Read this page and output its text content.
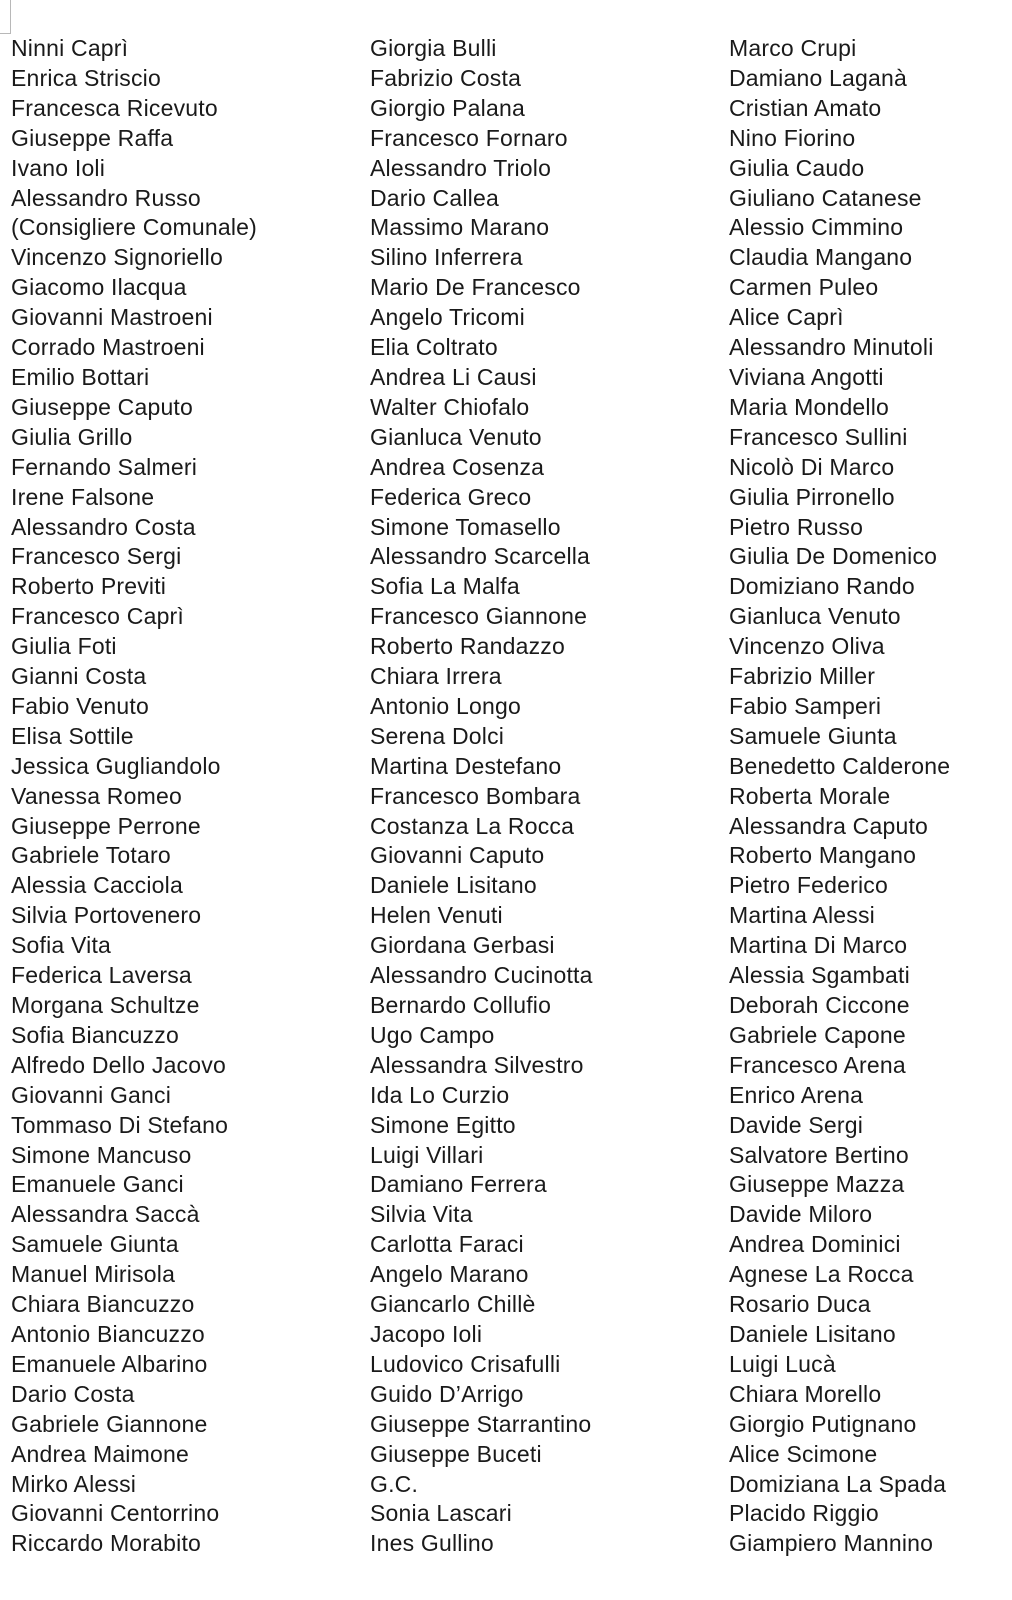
Ninni Caprì
Enrica Striscio
Francesca Ricevuto
Giuseppe Raffa
Ivano Ioli
Alessandro Russo
(Consigliere Comunale)
Vincenzo Signoriello
Giacomo Ilacqua
Giovanni Mastroeni
Corrado Mastroeni
Emilio Bottari
Giuseppe Caputo
Giulia Grillo
Fernando Salmeri
Irene Falsone
Alessandro Costa
Francesco Sergi
Roberto Previti
Francesco Caprì
Giulia Foti
Gianni Costa
Fabio Venuto
Elisa Sottile
Jessica Gugliandolo
Vanessa Romeo
Giuseppe Perrone
Gabriele Totaro
Alessia Cacciola
Silvia Portovenero
Sofia Vita
Federica Laversa
Morgana Schultze
Sofia Biancuzzo
Alfredo Dello Jacovo
Giovanni Ganci
Tommaso Di Stefano
Simone Mancuso
Emanuele Ganci
Alessandra Saccà
Samuele Giunta
Manuel Mirisola
Chiara Biancuzzo
Antonio Biancuzzo
Emanuele Albarino
Dario Costa
Gabriele Giannone
Andrea Maimone
Mirko Alessi
Giovanni Centorrino
Riccardo Morabito
Giorgia Bulli
Fabrizio Costa
Giorgio Palana
Francesco Fornaro
Alessandro Triolo
Dario Callea
Massimo Marano
Silino Inferrera
Mario De Francesco
Angelo Tricomi
Elia Coltrato
Andrea Li Causi
Walter Chiofalo
Gianluca Venuto
Andrea Cosenza
Federica Greco
Simone Tomasello
Alessandro Scarcella
Sofia La Malfa
Francesco Giannone
Roberto Randazzo
Chiara Irrera
Antonio Longo
Serena Dolci
Martina Destefano
Francesco Bombara
Costanza La Rocca
Giovanni Caputo
Daniele Lisitano
Helen Venuti
Giordana Gerbasi
Alessandro Cucinotta
Bernardo Collufio
Ugo Campo
Alessandra Silvestro
Ida Lo Curzio
Simone Egitto
Luigi Villari
Damiano Ferrera
Silvia Vita
Carlotta Faraci
Angelo Marano
Giancarlo Chillè
Jacopo Ioli
Ludovico Crisafulli
Guido D’Arrigo
Giuseppe Starrantino
Giuseppe Buceti
G.C.
Sonia Lascari
Ines Gullino
Marco Crupi
Damiano Laganà
Cristian Amato
Nino Fiorino
Giulia Caudo
Giuliano Catanese
Alessio Cimmino
Claudia Mangano
Carmen Puleo
Alice Caprì
Alessandro Minutoli
Viviana Angotti
Maria Mondello
Francesco Sullini
Nicolò Di Marco
Giulia Pirronello
Pietro Russo
Giulia De Domenico
Domiziano Rando
Gianluca Venuto
Vincenzo Oliva
Fabrizio Miller
Fabio Samperi
Samuele Giunta
Benedetto Calderone
Roberta Morale
Alessandra Caputo
Roberto Mangano
Pietro Federico
Martina Alessi
Martina Di Marco
Alessia Sgambati
Deborah Ciccone
Gabriele Capone
Francesco Arena
Enrico Arena
Davide Sergi
Salvatore Bertino
Giuseppe Mazza
Davide Miloro
Andrea Dominici
Agnese La Rocca
Rosario Duca
Daniele Lisitano
Luigi Lucà
Chiara Morello
Giorgio Putignano
Alice Scimone
Domiziana La Spada
Placido Riggio
Giampiero Mannino
